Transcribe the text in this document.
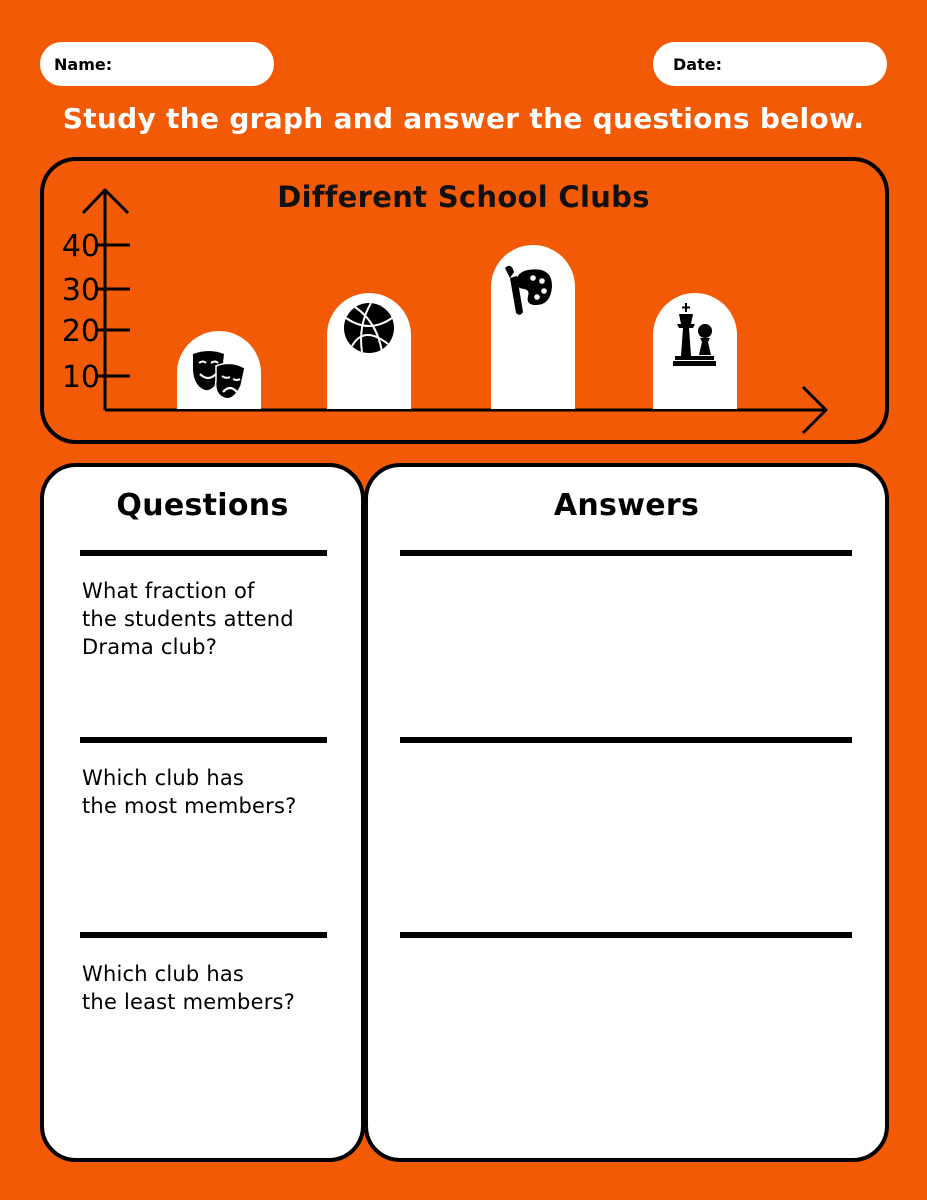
Name:	Date:
Study the graph and answer the questions below.
Different School Clubs
10
20
30
40
Questions	Answers

What fraction of
the students attend
Drama club?

Which club has
the most members?

Which club has
the least members?
